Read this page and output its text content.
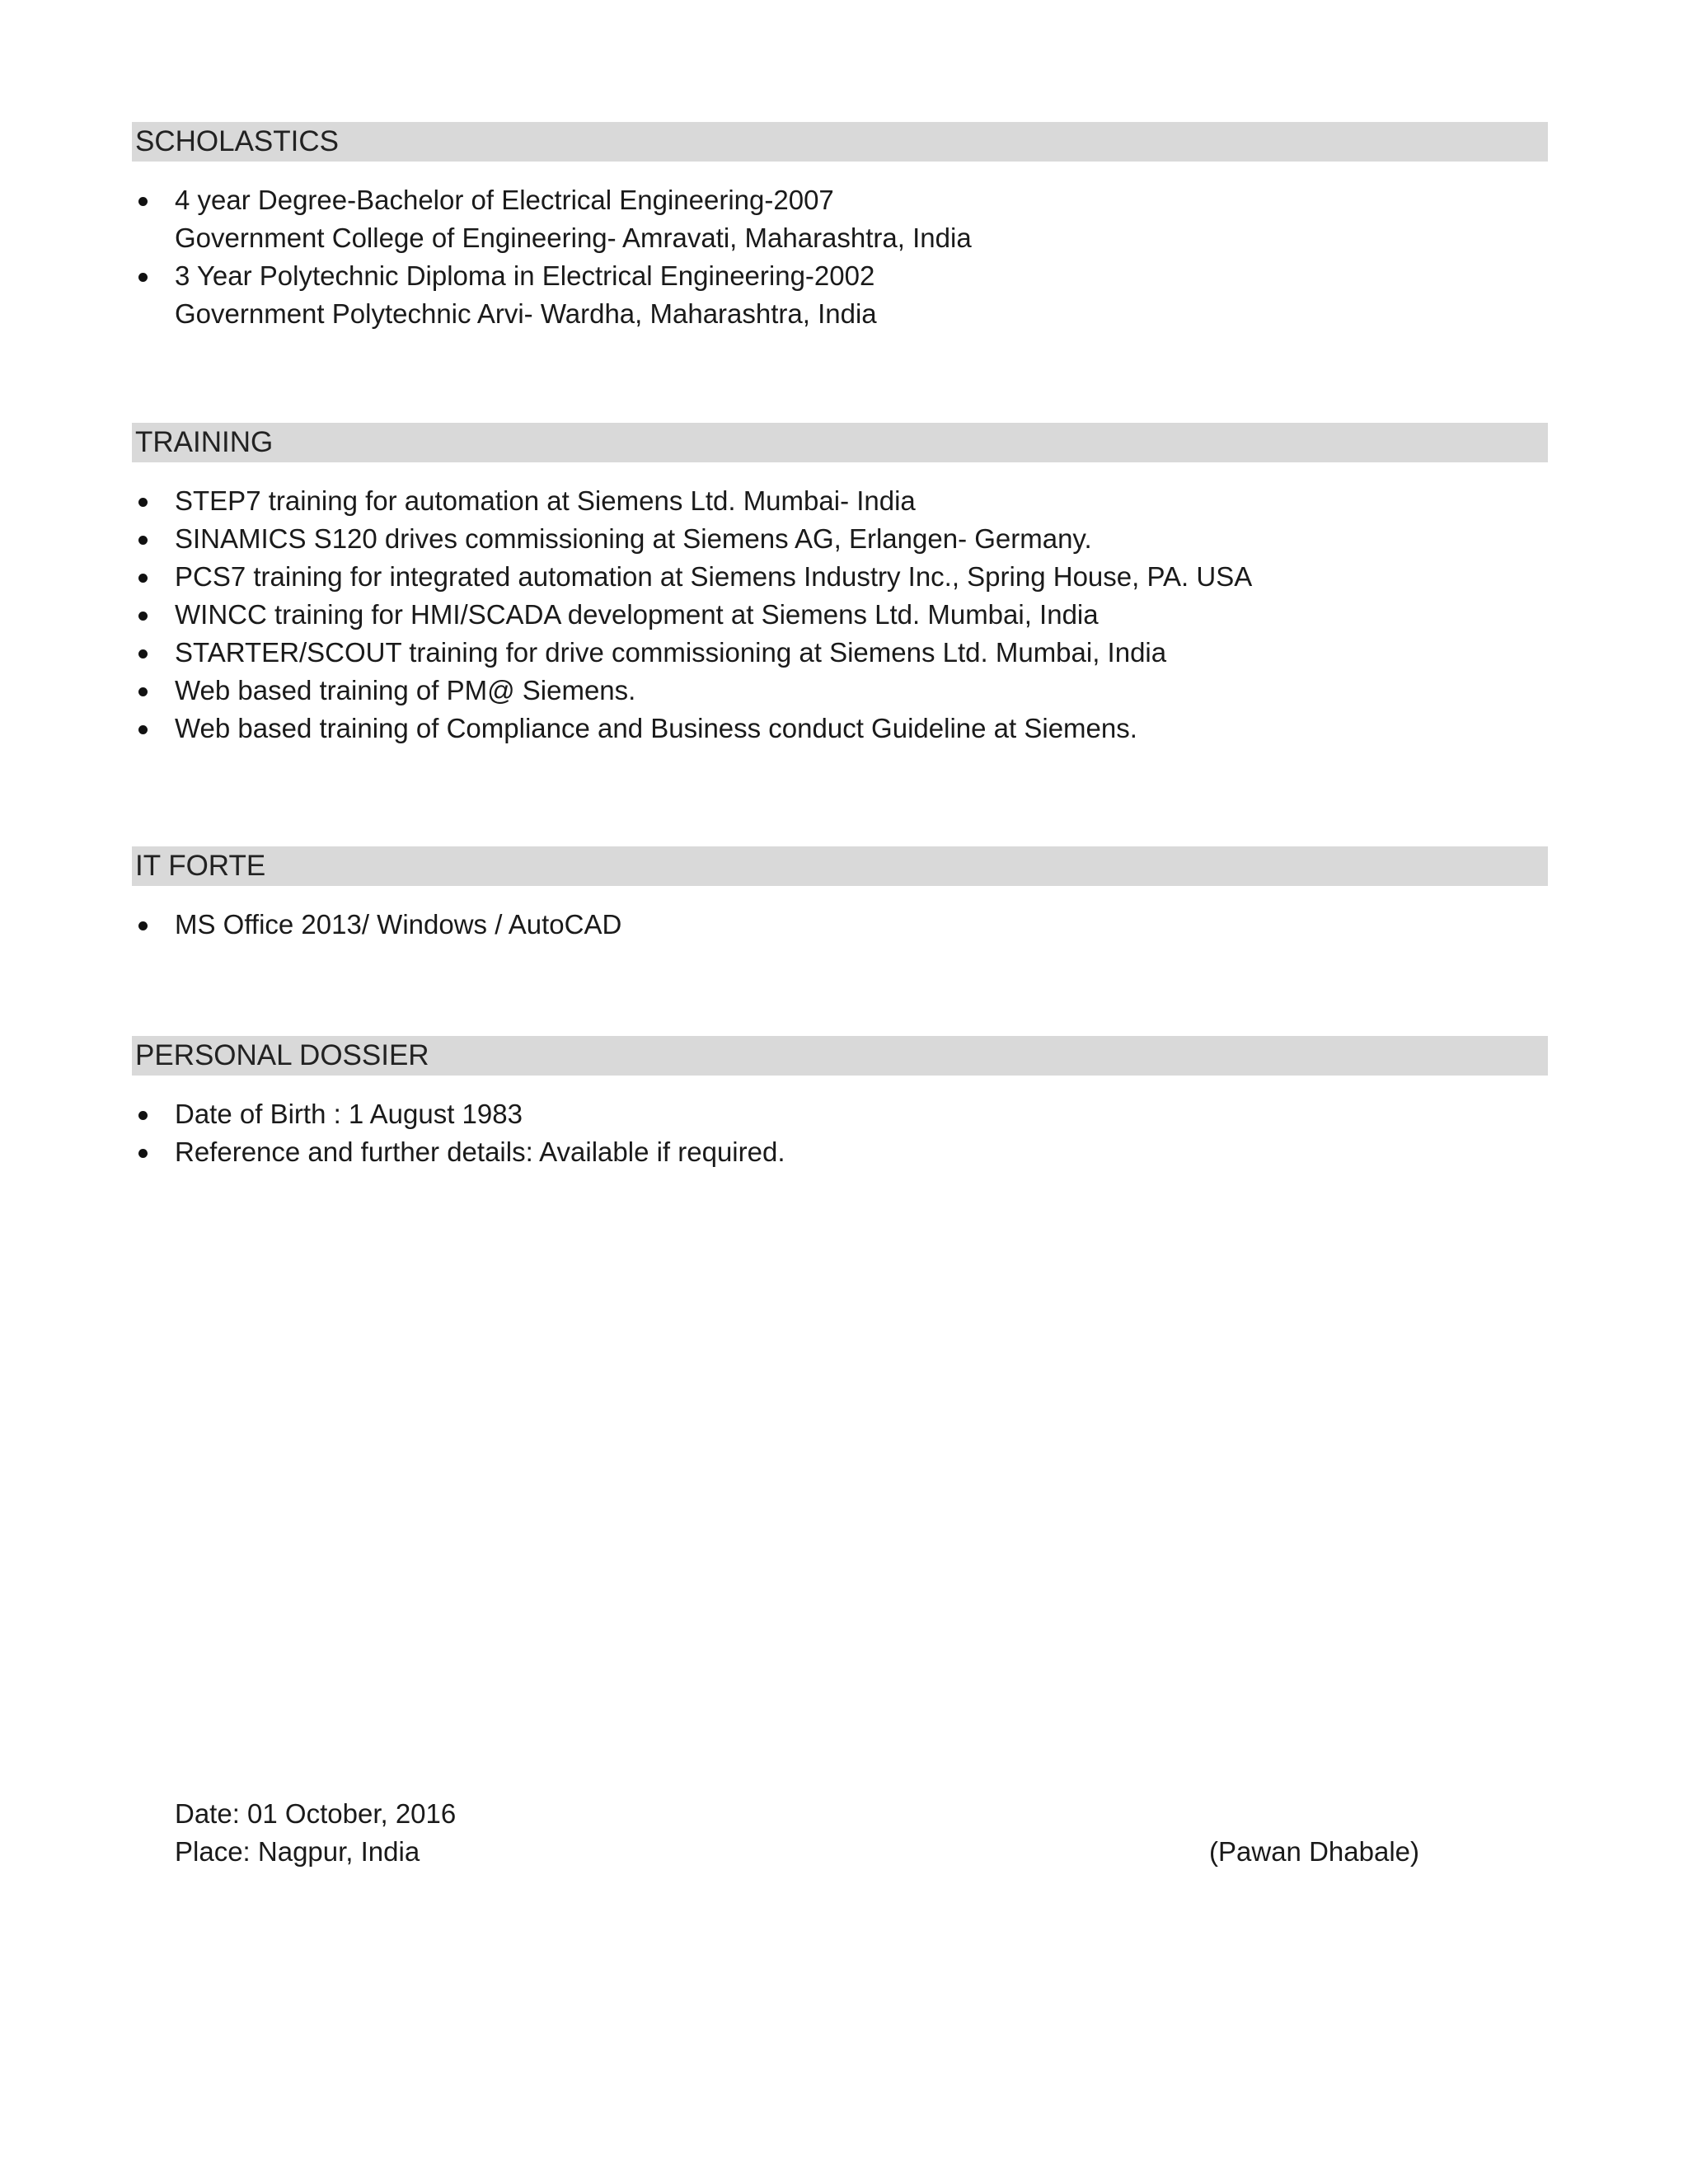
SCHOLASTICS
4 year Degree-Bachelor of Electrical Engineering-2007
Government College of Engineering- Amravati, Maharashtra, India
3 Year Polytechnic Diploma in Electrical Engineering-2002
Government Polytechnic Arvi- Wardha, Maharashtra, India
TRAINING
STEP7 training for automation at Siemens Ltd. Mumbai- India
SINAMICS S120 drives commissioning at Siemens AG, Erlangen- Germany.
PCS7 training for integrated automation at Siemens Industry Inc., Spring House, PA. USA
WINCC training for HMI/SCADA development at Siemens Ltd. Mumbai, India
STARTER/SCOUT training for drive commissioning at Siemens Ltd. Mumbai, India
Web based training of PM@ Siemens.
Web based training of Compliance and Business conduct Guideline at Siemens.
IT FORTE
MS Office 2013/ Windows / AutoCAD
PERSONAL DOSSIER
Date of Birth : 1 August 1983
Reference and further details: Available if required.
Date: 01 October, 2016
Place: Nagpur, India	(Pawan Dhabale)
